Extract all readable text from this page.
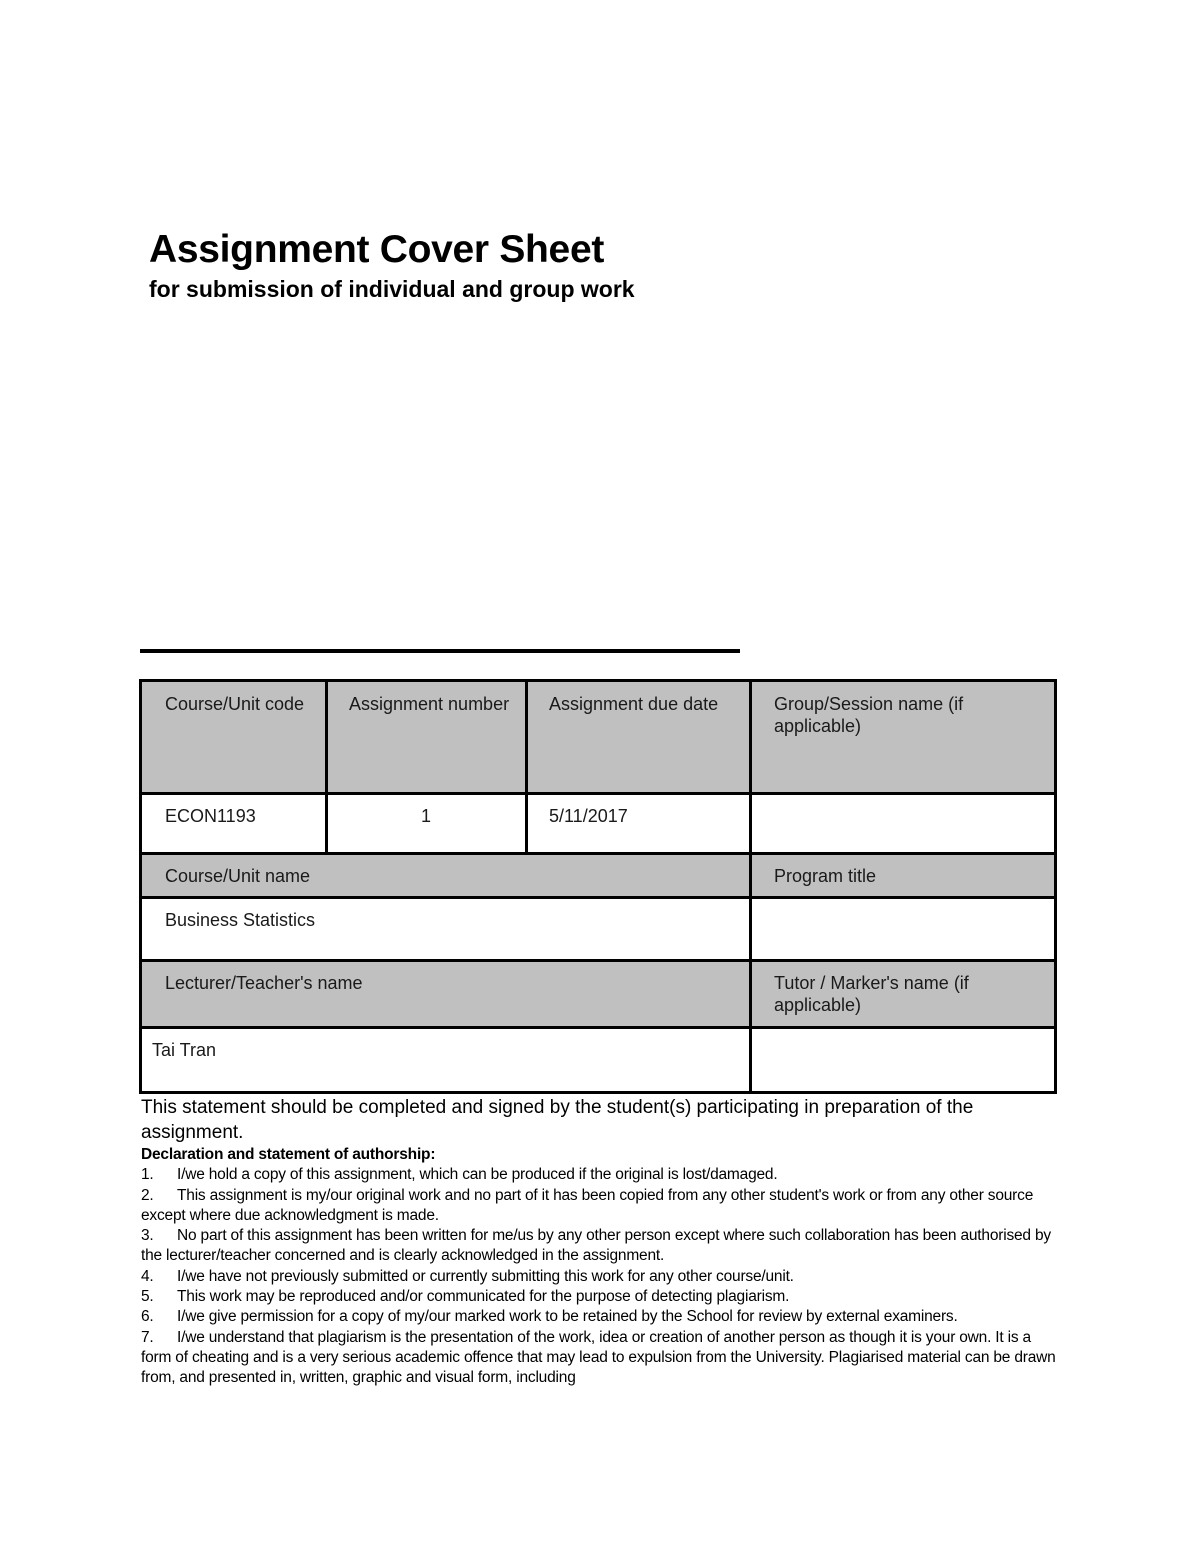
Assignment Cover Sheet
for submission of individual and group work
Course/Unit code	Assignment number	Assignment due date	Group/Session name (if applicable)
ECON1193	1	5/11/2017
Course/Unit name	Program title
Business Statistics
Lecturer/Teacher's name	Tutor / Marker's name (if applicable)
Tai Tran
This statement should be completed and signed by the student(s) participating in preparation of the assignment.
Declaration and statement of authorship:
1. I/we hold a copy of this assignment, which can be produced if the original is lost/damaged.
2. This assignment is my/our original work and no part of it has been copied from any other student's work or from any other source except where due acknowledgment is made.
3. No part of this assignment has been written for me/us by any other person except where such collaboration has been authorised by the lecturer/teacher concerned and is clearly acknowledged in the assignment.
4. I/we have not previously submitted or currently submitting this work for any other course/unit.
5. This work may be reproduced and/or communicated for the purpose of detecting plagiarism.
6. I/we give permission for a copy of my/our marked work to be retained by the School for review by external examiners.
7. I/we understand that plagiarism is the presentation of the work, idea or creation of another person as though it is your own. It is a form of cheating and is a very serious academic offence that may lead to expulsion from the University. Plagiarised material can be drawn from, and presented in, written, graphic and visual form, including
